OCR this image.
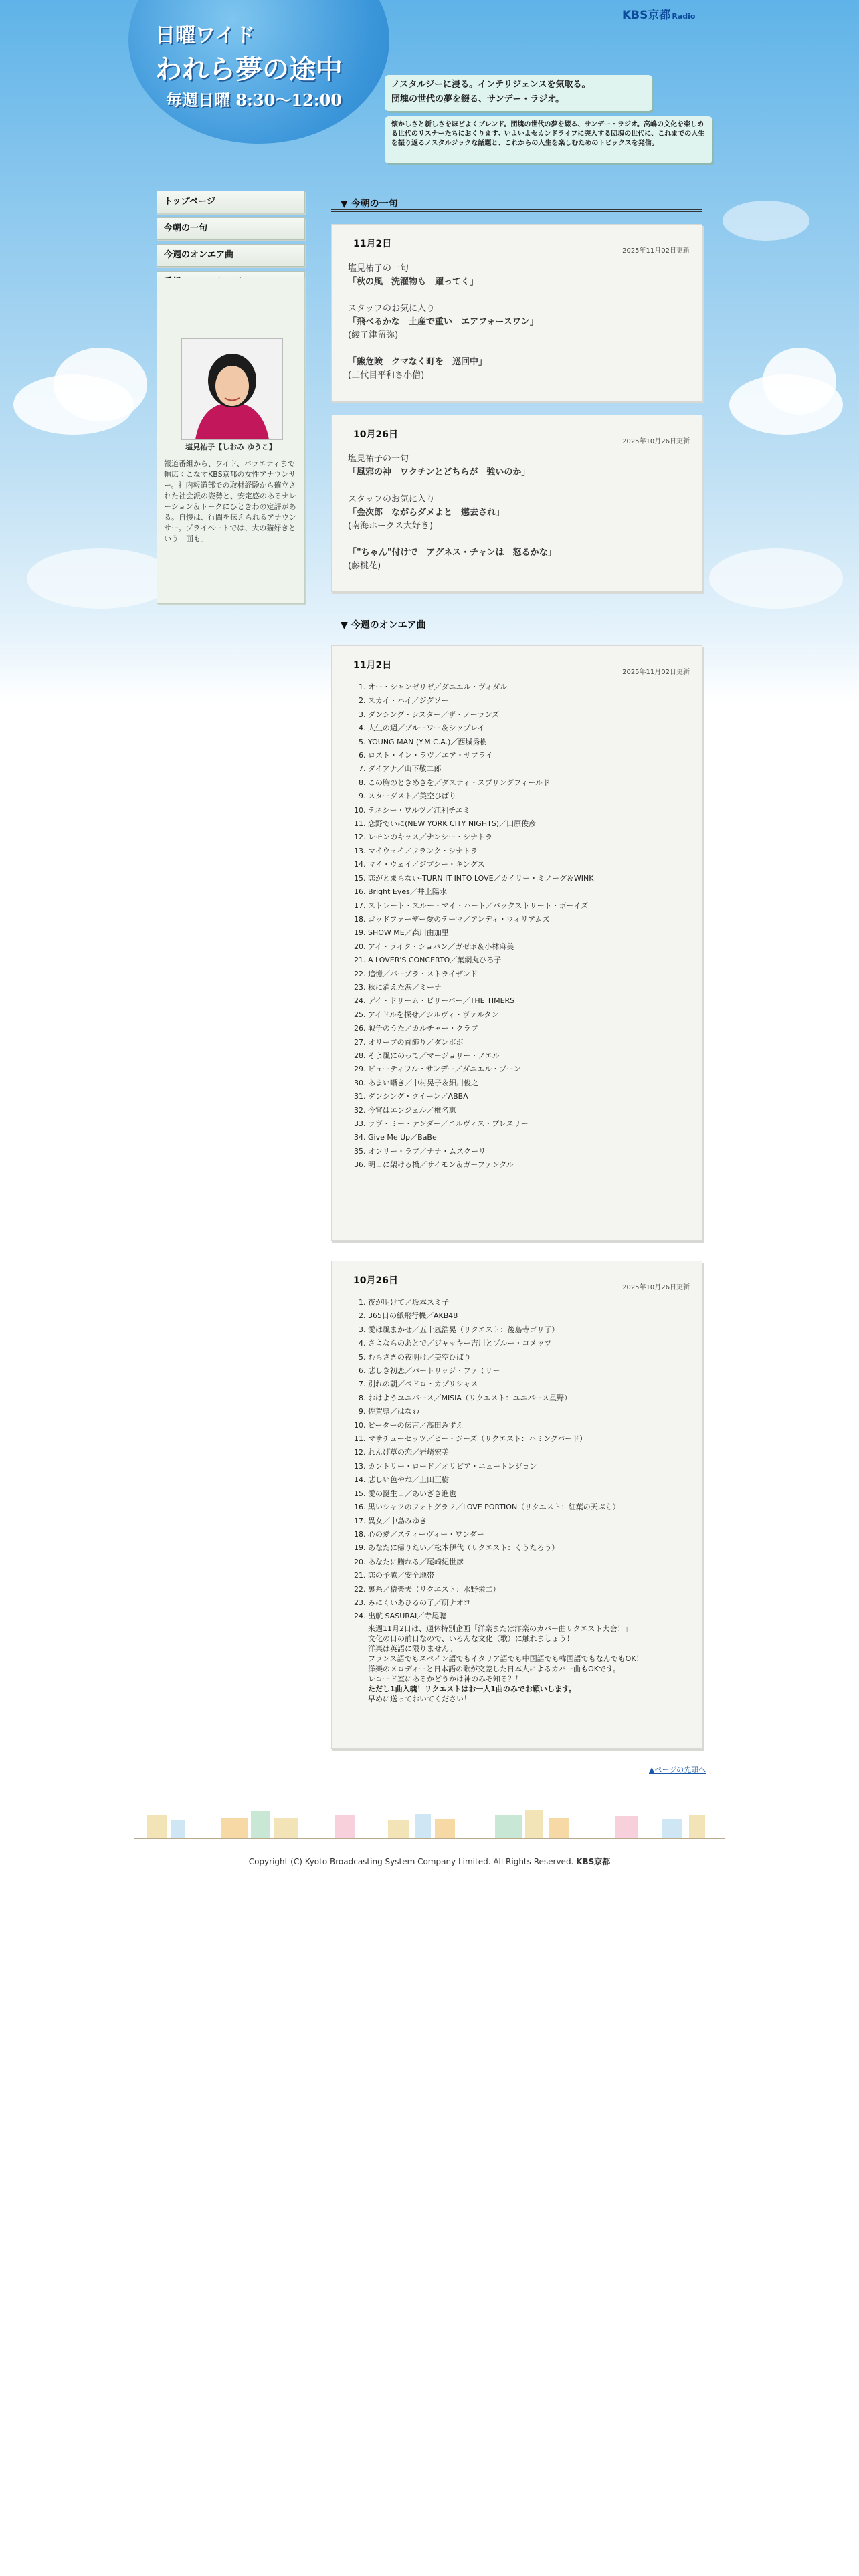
KBS京都 Radio
日曜ワイド
われら夢の途中
毎週日曜 8:30～12:00
ノスタルジーに浸る。インテリジェンスを気取る。
団塊の世代の夢を綴る、サンデー・ラジオ。
懐かしさと新しさをほどよくブレンド。団塊の世代の夢を綴る、サンデー・ラジオ。高嶋の文化を楽しめる世代のリスナーたちにおくります。いよいよセカンドライフに突入する団塊の世代に、これまでの人生を振り返るノスタルジックな話題と、これからの人生を楽しむためのトピックスを発信。
トップページ
今朝の一句
今週のオンエア曲
塩見祐子【しおみ ゆうこ】
報道番組から、ワイド、バラエティまで幅広くこなすKBS京都の女性アナウンサー。社内報道部での取材経験から確立された社会派の姿勢と、安定感のあるナレーション＆トークにひときわの定評がある。自慢は、行間を伝えられるアナウンサー。プライベートでは、大の猫好きという一面も。
▼ 今朝の一句
11月2日
2025年11月02日更新
塩見祐子の一句
「秋の風　洗濯物も　躍ってく」
スタッフのお気に入り
「飛べるかな　土産で重い　エアフォースワン」
(綾子津留弥)
「熊危険　クマなく町を　巡回中」
(二代目平和さ小僧)
10月26日
2025年10月26日更新
塩見祐子の一句
「風邪の神　ワクチンとどちらが　強いのか」
スタッフのお気に入り
「金次郎　ながらダメよと　懲去され」
(南海ホークス大好き)
「"ちゃん"付けで　アグネス・チャンは　怒るかな」
(藤桃花)
▼ 今週のオンエア曲
11月2日
2025年11月02日更新
1. オー・シャンゼリゼ／ダニエル・ヴィダル
2. スカイ・ハイ／ジグソー
3. ダンシング・シスター／ザ・ノーランズ
4. 人生の週／ブルーワー＆シップレイ
5. YOUNG MAN (Y.M.C.A.)／西城秀樹
6. ロスト・イン・ラヴ／エア・サプライ
7. ダイアナ／山下敬二郎
8. この胸のときめきを／ダスティ・スプリングフィールド
9. スターダスト／美空ひばり
10. テネシー・ワルツ／江利チエミ
11. 恋野でいに(NEW YORK CITY NIGHTS)／田原俊彦
12. レモンのキッス／ナンシー・シナトラ
13. マイウェイ／フランク・シナトラ
14. マイ・ウェイ／ジプシー・キングス
15. 恋がとまらない-TURN IT INTO LOVE／カイリー・ミノーグ＆WINK
16. Bright Eyes／井上陽水
17. ストレート・スルー・マイ・ハート／バックストリート・ボーイズ
18. ゴッドファーザー愛のテーマ／アンディ・ウィリアムズ
19. SHOW ME／森川由加里
20. アイ・ライク・ショパン／ガゼボ＆小林麻美
21. A LOVER'S CONCERTO／葉網丸ひろ子
22. 追憶／バーブラ・ストライザンド
23. 秋に消えた涙／ミーナ
24. デイ・ドリーム・ビリーバー／THE TIMERS
25. アイドルを探せ／シルヴィ・ヴァルタン
26. 戦争のうた／カルチャー・クラブ
27. オリーブの首飾り／ダンボボ
28. そよ風にのって／マージョリー・ノエル
29. ビューティフル・サンデー／ダニエル・ブーン
30. あまい囁き／中村晃子＆細川俊之
31. ダンシング・クイーン／ABBA
32. 今宵はエンジェル／椎名恵
33. ラヴ・ミー・テンダー／エルヴィス・プレスリー
34. Give Me Up／BaBe
35. オンリー・ラブ／ナナ・ムスクーリ
36. 明日に架ける橋／サイモン＆ガーファンクル
10月26日
2025年10月26日更新
1. 夜が明けて／坂本スミ子
2. 365日の紙飛行機／AKB48
3. 愛は風まかせ／五十嵐浩晃（リクエスト：後島寺ゴリ子）
4. さよならのあとで／ジャッキー吉川とブルー・コメッツ
5. むらさきの夜明け／美空ひばり
6. 悲しき初恋／パートリッジ・ファミリー
7. 別れの朝／ペドロ・カプリシャス
8. おはようユニバース／MISIA（リクエスト：ユニバース星野）
9. 佐賀県／はなわ
10. ピーターの伝言／高田みずえ
11. マサチューセッツ／ビー・ジーズ（リクエスト：ハミングバード）
12. れんげ草の恋／岩崎宏美
13. カントリー・ロード／オリビア・ニュートンジョン
14. 悲しい色やね／上田正樹
15. 愛の誕生日／あいざき進也
16. 黒いシャツのフォトグラフ／LOVE PORTION（リクエスト：紅葉の天ぷら）
17. 異女／中島みゆき
18. 心の愛／スティーヴィー・ワンダー
19. あなたに帰りたい／松本伊代（リクエスト：くうたろう）
20. あなたに贈れる／尾崎紀世彦
21. 恋の予感／安全地帯
22. 裏糸／猿楽夫（リクエスト：水野栄二）
23. みにくいあひるの子／研ナオコ
24. 出航 SASURAI／寺尾聰
来週11月2日は、通休特別企画「洋楽または洋楽のカバー曲リクエスト大会！」
文化の日の前日なので、いろんな文化（歌）に触れましょう！
洋楽は英語に限りません。
フランス語でもスペイン語でもイタリア語でも中国語でも韓国語でもなんでもOK！
洋楽のメロディーと日本語の歌が交差した日本人によるカバー曲もOKです。
レコード室にあるかどうかは神のみぞ知る？！
ただし1曲入魂！リクエストはお一人1曲のみでお願いします。
早めに送っておいてください！
▲ページの先頭へ
Copyright (C) Kyoto Broadcasting System Company Limited. All Rights Reserved. KBS京都
